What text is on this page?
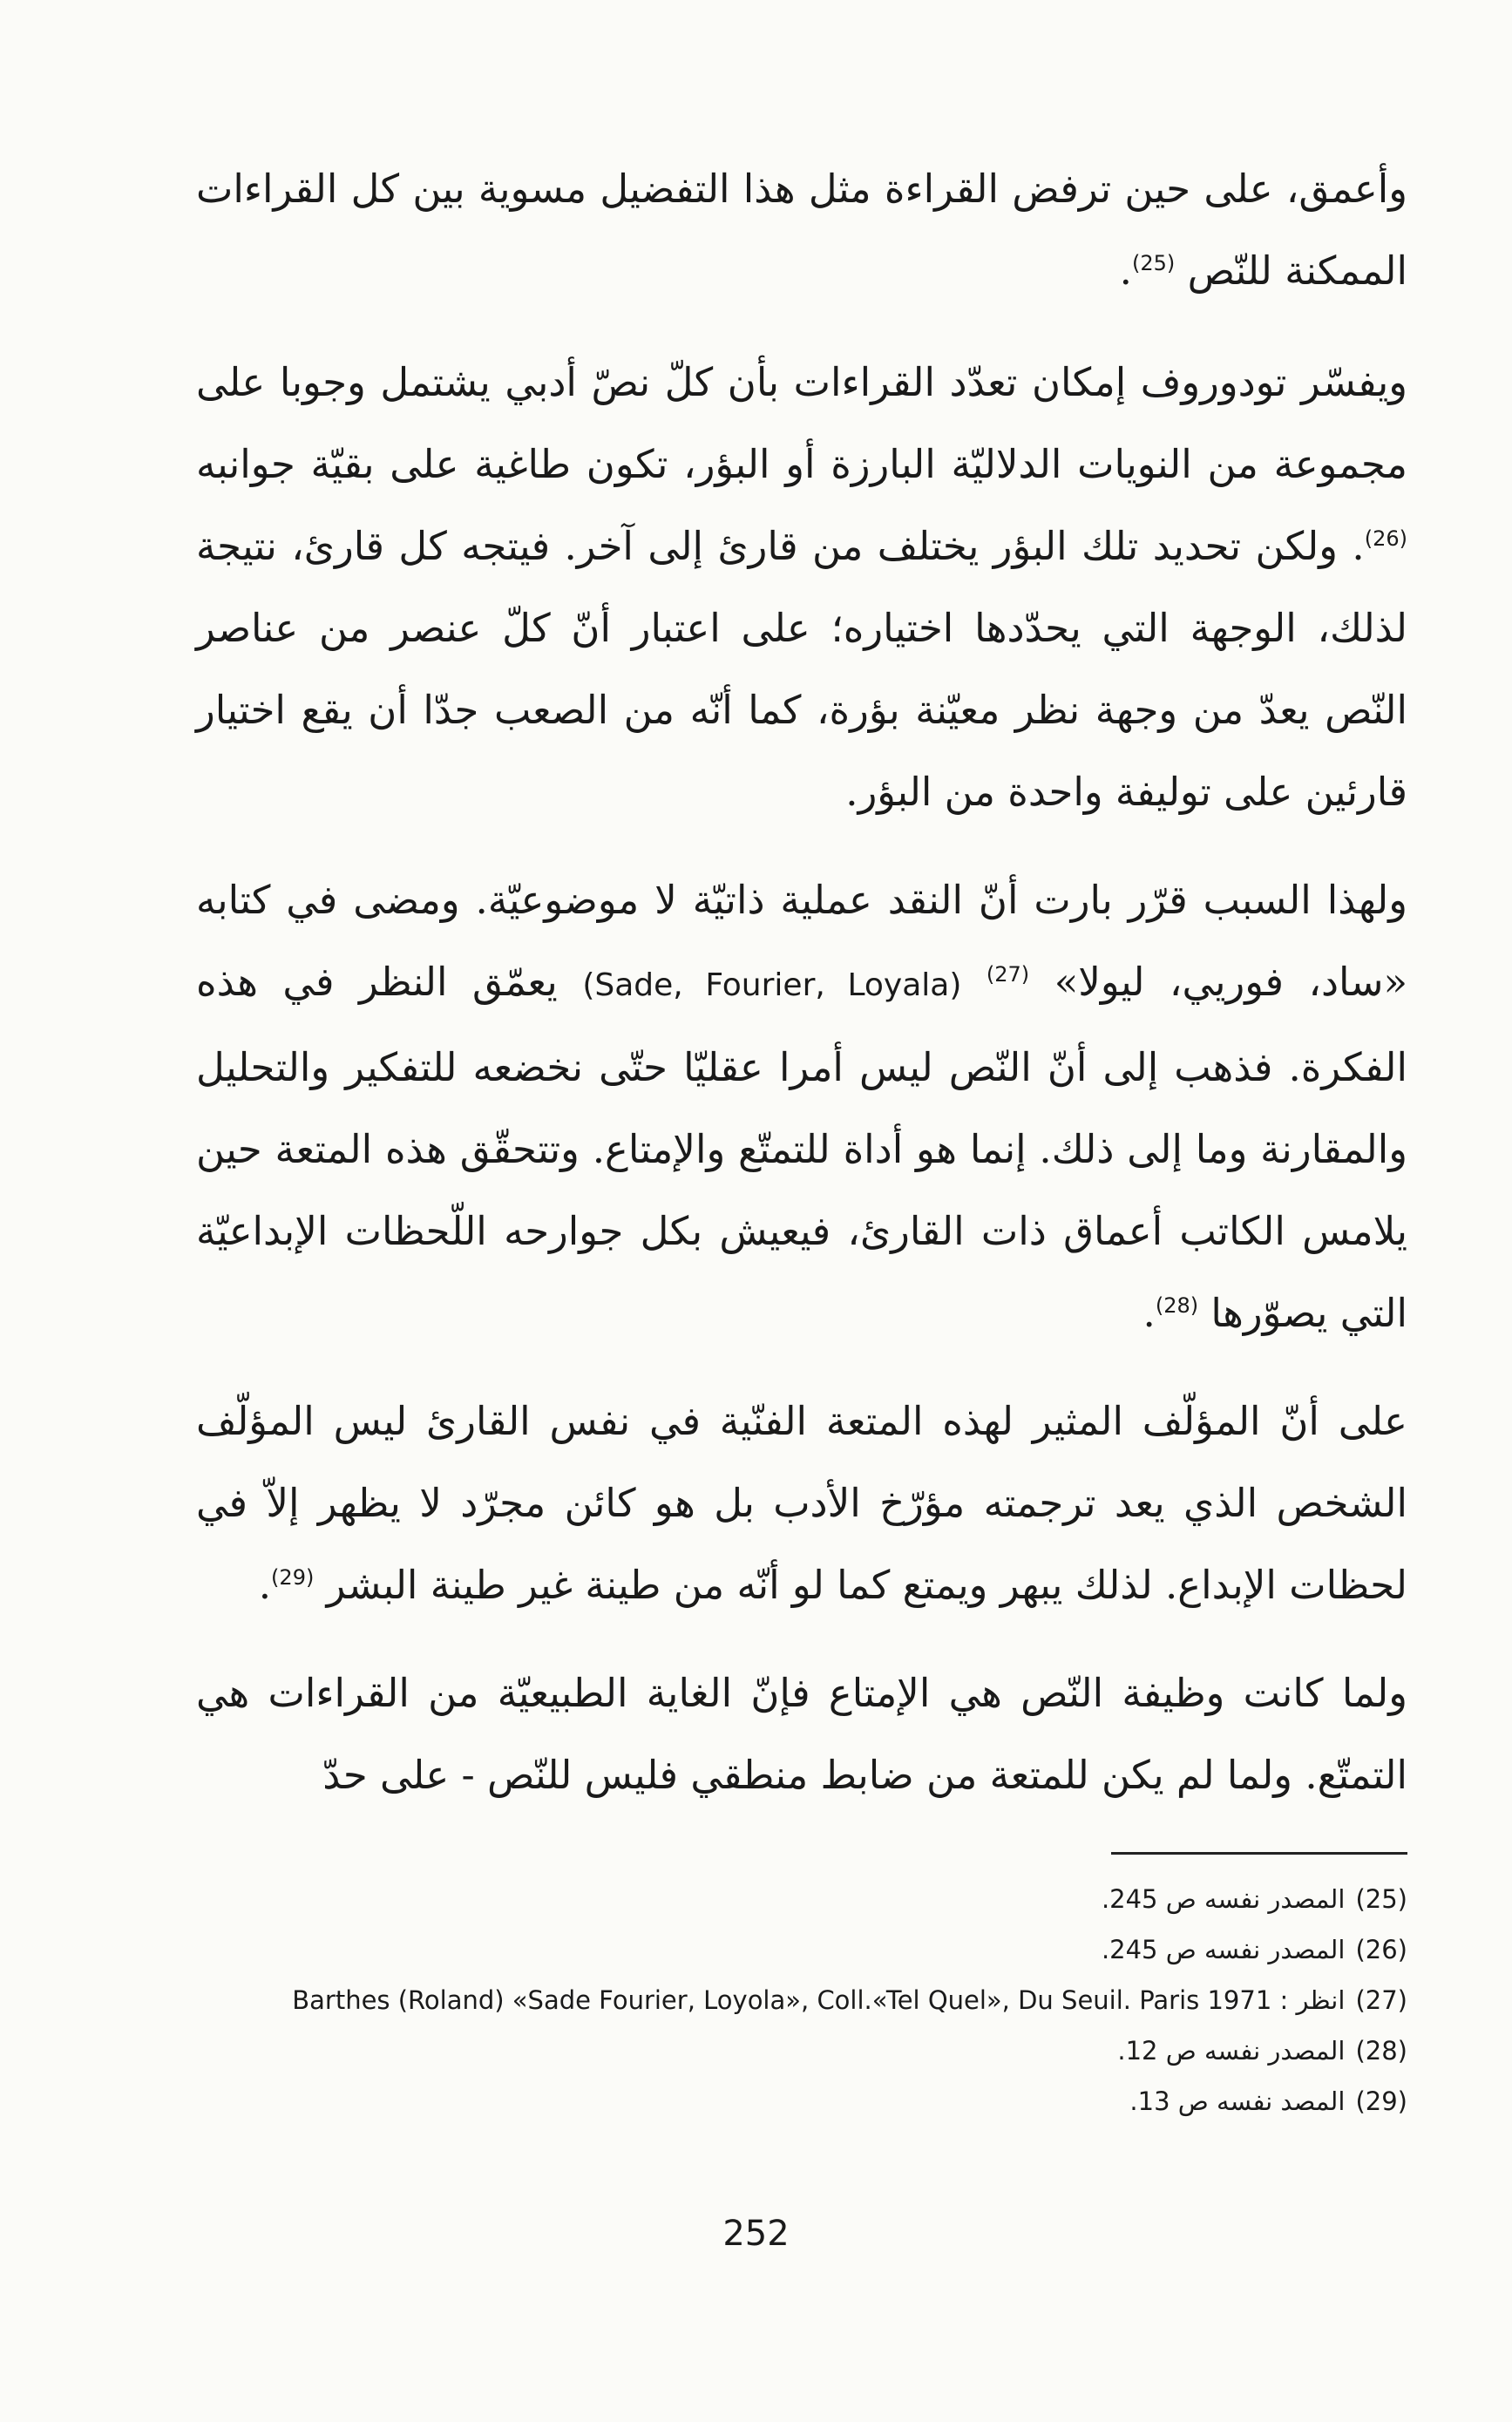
وأعمق، على حين ترفض القراءة مثل هذا التفضيل مسوية بين كل القراءات الممكنة للنّص $^{(25)}$.

ويفسّر تودوروف إمكان تعدّد القراءات بأن كلّ نصّ أدبي يشتمل وجوبا على مجموعة من النويات الدلاليّة البارزة أو البؤر، تكون طاغية على بقيّة جوانبه $^{(26)}$. ولكن تحديد تلك البؤر يختلف من قارئ إلى آخر. فيتجه كل قارئ، نتيجة لذلك، الوجهة التي يحدّدها اختياره؛ على اعتبار أنّ كلّ عنصر من عناصر النّص يعدّ من وجهة نظر معيّنة بؤرة، كما أنّه من الصعب جدّا أن يقع اختيار قارئين على توليفة واحدة من البؤر.

ولهذا السبب قرّر بارت أنّ النقد عملية ذاتيّة لا موضوعيّة. ومضى في كتابه «ساد، فوريي، ليولا» (Sade, Fourier, Loyala) $^{(27)}$ يعمّق النظر في هذه الفكرة. فذهب إلى أنّ النّص ليس أمرا عقليّا حتّى نخضعه للتفكير والتحليل والمقارنة وما إلى ذلك. إنما هو أداة للتمتّع والإمتاع. وتتحقّق هذه المتعة حين يلامس الكاتب أعماق ذات القارئ، فيعيش بكل جوارحه اللّحظات الإبداعيّة التي يصوّرها $^{(28)}$.

على أنّ المؤلّف المثير لهذه المتعة الفنّية في نفس القارئ ليس المؤلّف الشخص الذي يعد ترجمته مؤرّخ الأدب بل هو كائن مجرّد لا يظهر إلاّ في لحظات الإبداع. لذلك يبهر ويمتع كما لو أنّه من طينة غير طينة البشر $^{(29)}$.

ولما كانت وظيفة النّص هي الإمتاع فإنّ الغاية الطبيعيّة من القراءات هي التمتّع. ولما لم يكن للمتعة من ضابط منطقي فليس للنّص - على حدّ

(25)المصدر نفسه ص 245.
(26)المصدر نفسه ص 245.
(27)انظر : Barthes (Roland) «Sade Fourier, Loyola», Coll.«Tel Quel», Du Seuil. Paris 1971
(28)المصدر نفسه ص 12.
(29)المصد نفسه ص 13.
252
